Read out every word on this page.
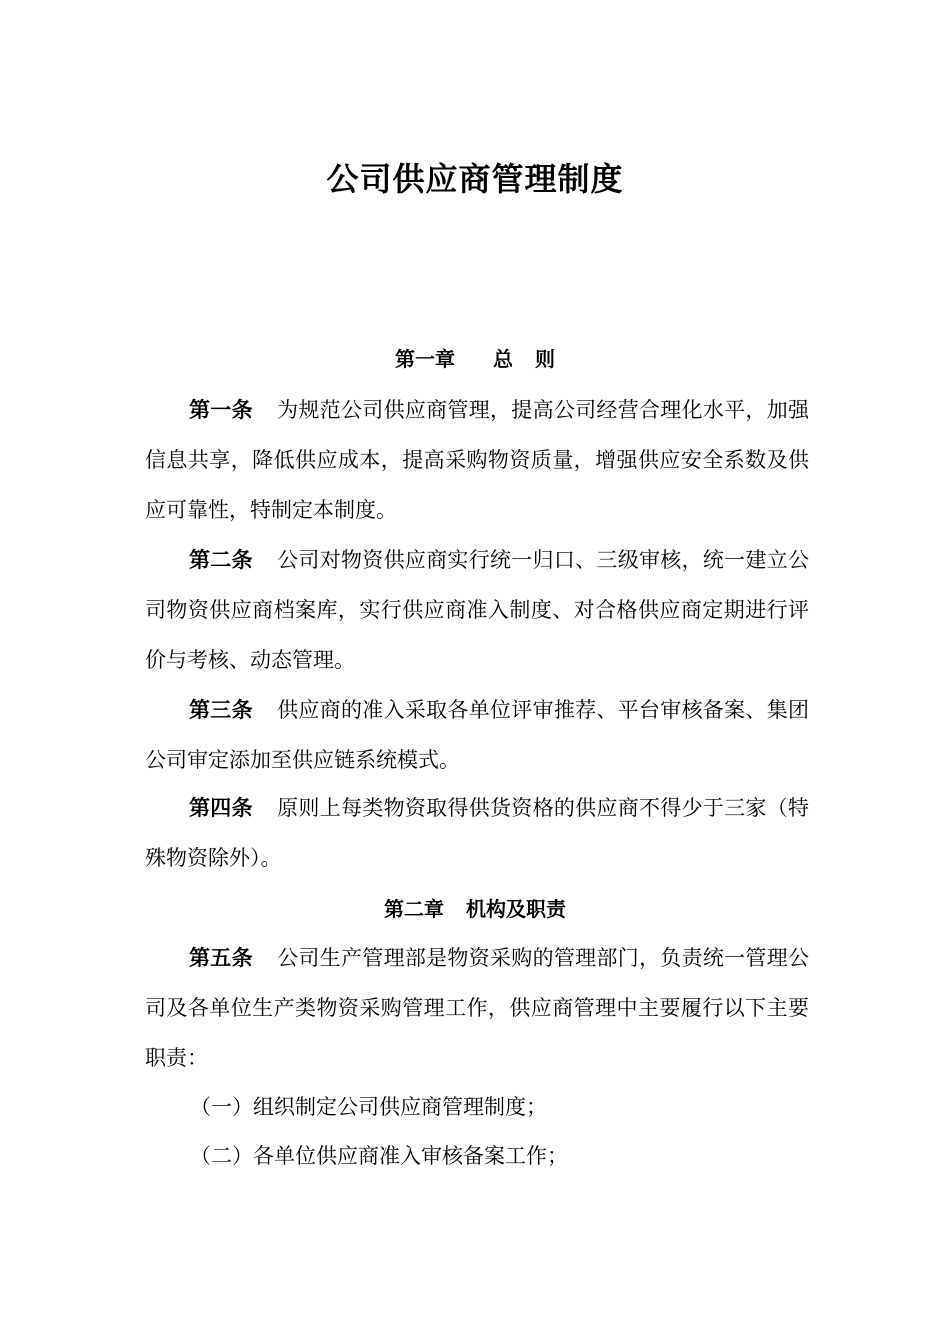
公司供应商管理制度
第一章 总 则
第一条 为规范公司供应商管理，提高公司经营合理化水平，加强信息共享，降低供应成本，提高采购物资质量，增强供应安全系数及供应可靠性，特制定本制度。
第二条 公司对物资供应商实行统一归口、三级审核，统一建立公司物资供应商档案库，实行供应商准入制度、对合格供应商定期进行评价与考核、动态管理。
第三条 供应商的准入采取各单位评审推荐、平台审核备案、集团公司审定添加至供应链系统模式。
第四条 原则上每类物资取得供货资格的供应商不得少于三家（特殊物资除外）。
第二章 机构及职责
第五条 公司生产管理部是物资采购的管理部门，负责统一管理公司及各单位生产类物资采购管理工作，供应商管理中主要履行以下主要职责：
（一）组织制定公司供应商管理制度；
（二）各单位供应商准入审核备案工作；
